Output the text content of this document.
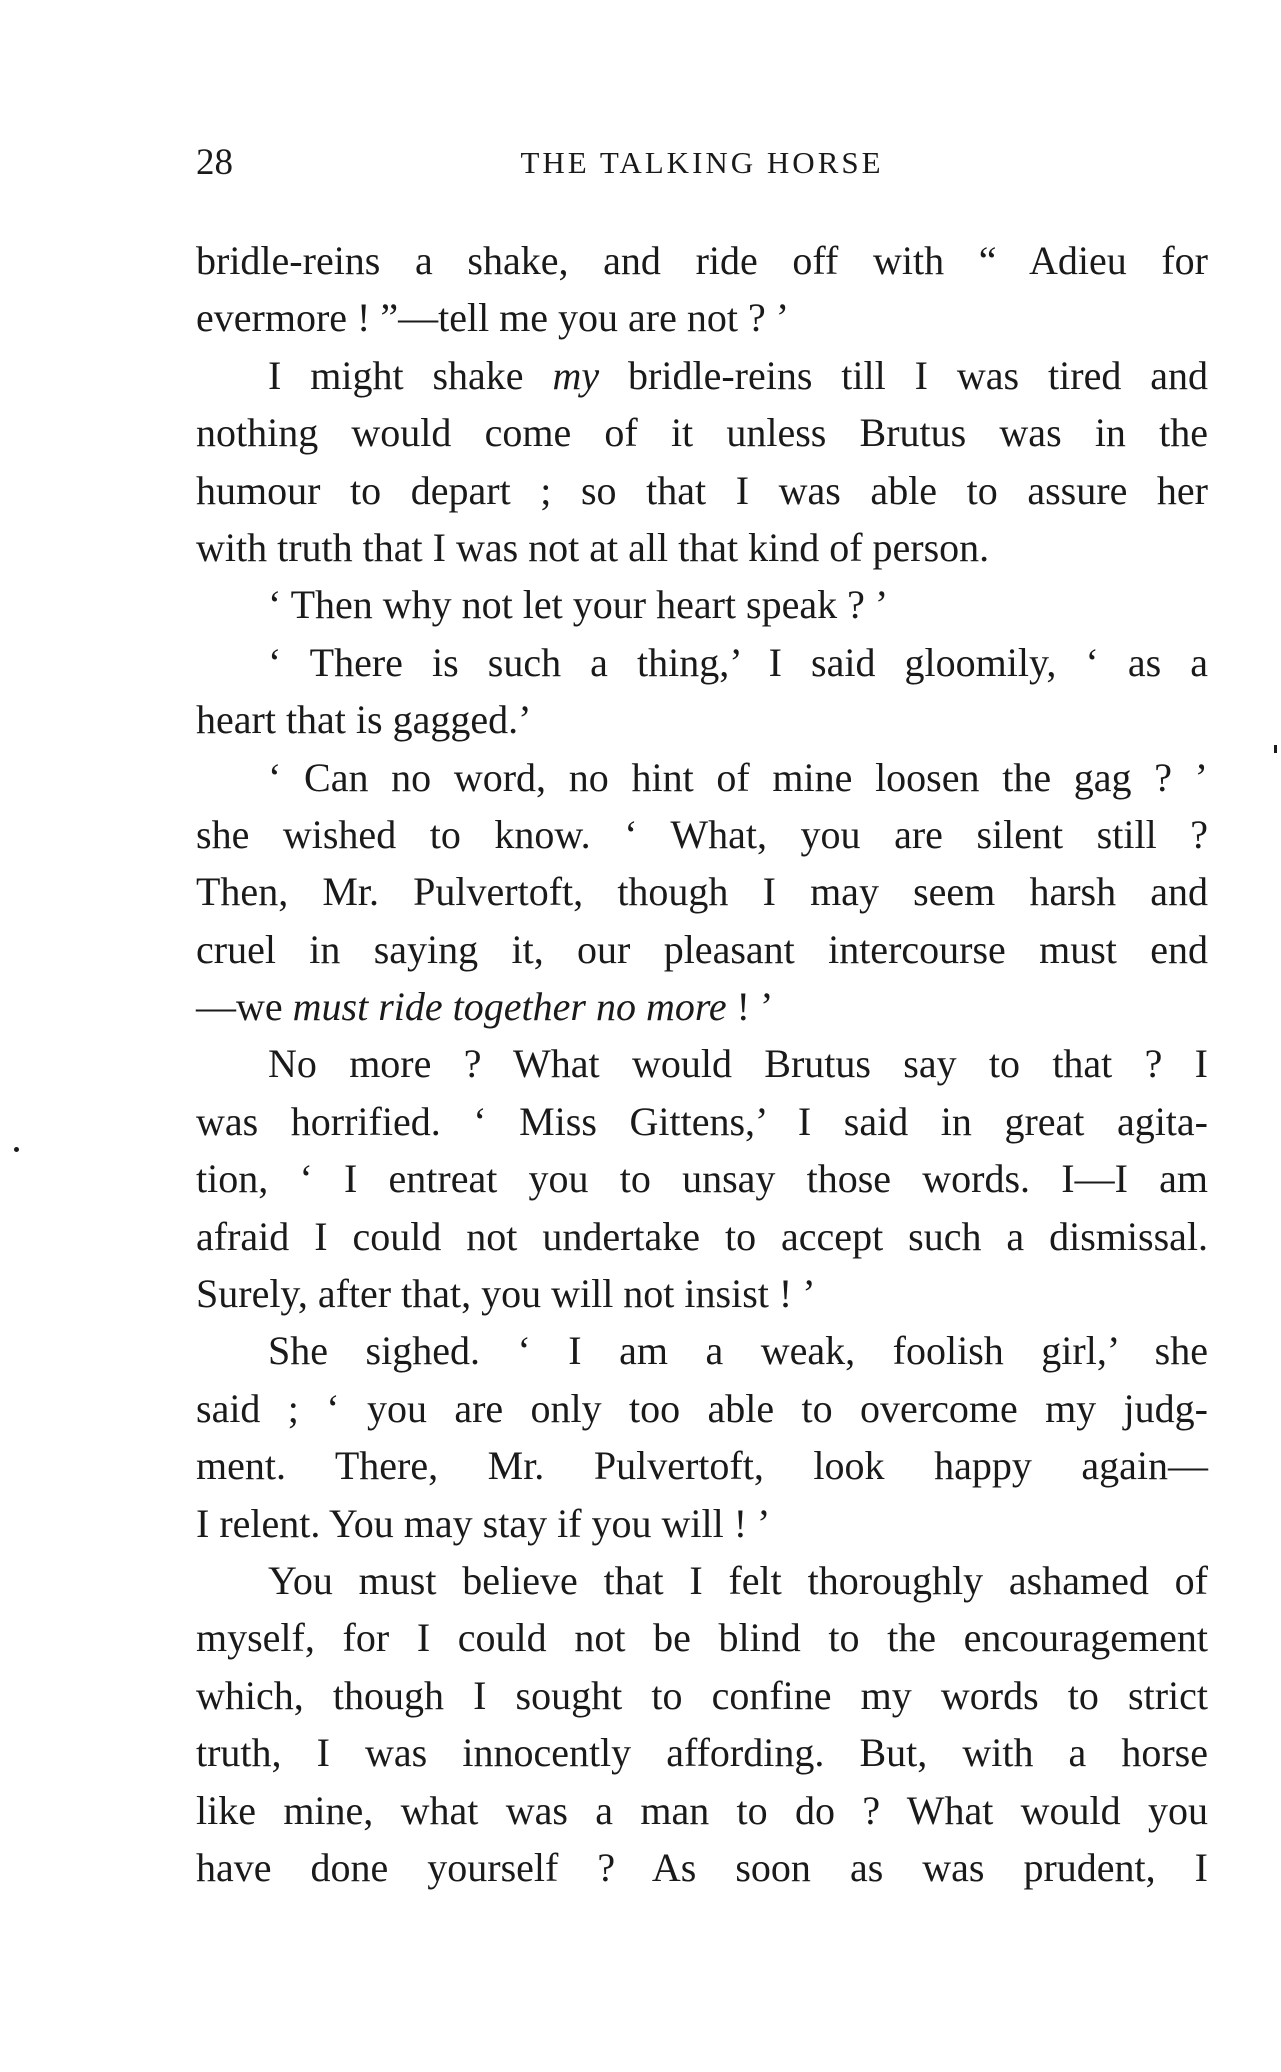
28	THE TALKING HORSE
bridle-reins a shake, and ride off with “ Adieu for
evermore ! ”—tell me you are not ? ’
I might shake my bridle-reins till I was tired and
nothing would come of it unless Brutus was in the
humour to depart ; so that I was able to assure her
with truth that I was not at all that kind of person.
‘ Then why not let your heart speak ? ’
‘ There is such a thing,’ I said gloomily, ‘ as a
heart that is gagged.’
‘ Can no word, no hint of mine loosen the gag ? ’
she wished to know. ‘ What, you are silent still ?
Then, Mr. Pulvertoft, though I may seem harsh and
cruel in saying it, our pleasant intercourse must end
—we must ride together no more ! ’
No more ? What would Brutus say to that ? I
was horrified. ‘ Miss Gittens,’ I said in great agita-
tion, ‘ I entreat you to unsay those words. I—I am
afraid I could not undertake to accept such a dismissal.
Surely, after that, you will not insist ! ’
She sighed. ‘ I am a weak, foolish girl,’ she
said ; ‘ you are only too able to overcome my judg-
ment. There, Mr. Pulvertoft, look happy again—
I relent. You may stay if you will ! ’
You must believe that I felt thoroughly ashamed of
myself, for I could not be blind to the encouragement
which, though I sought to confine my words to strict
truth, I was innocently affording. But, with a horse
like mine, what was a man to do ? What would you
have done yourself ? As soon as was prudent, I
